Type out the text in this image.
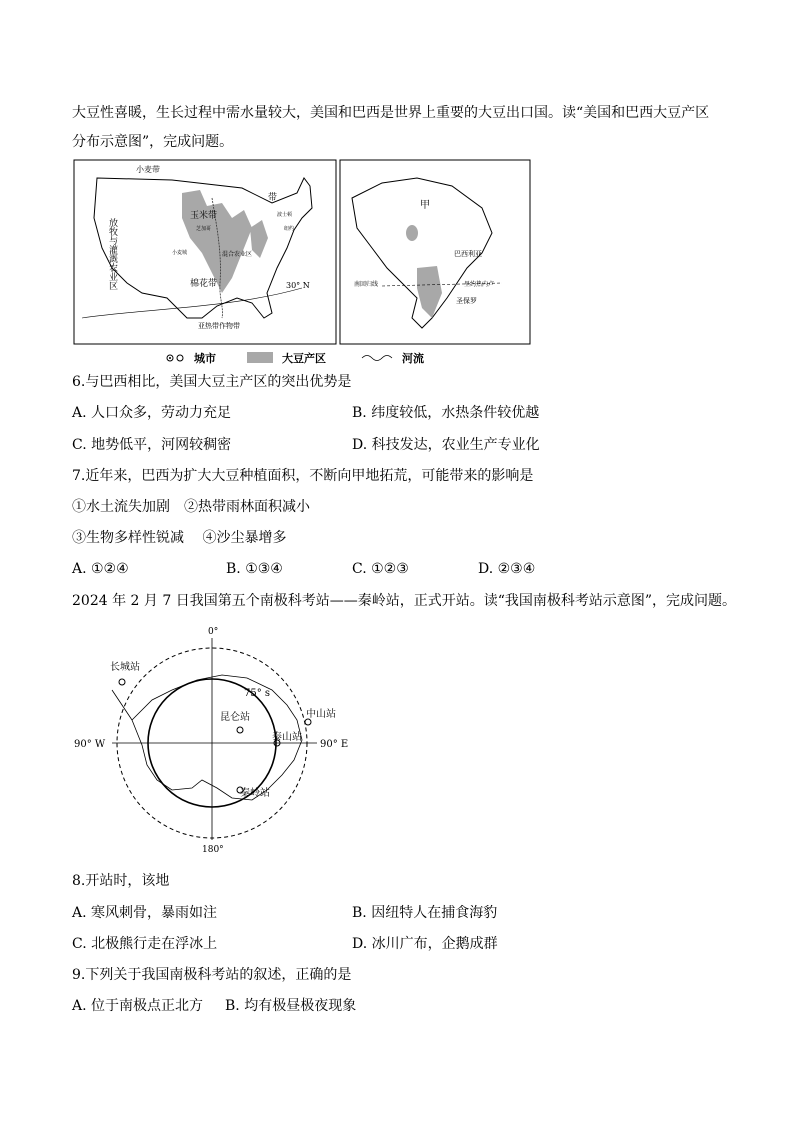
大豆性喜暖，生长过程中需水量较大，美国和巴西是世界上重要的大豆出口国。读“美国和巴西大豆产区
分布示意图”，完成问题。
小麦带
放牧与灌溉农业区
玉米带
带
混合农业区
棉花带
亚热带作物带
30° N
芝加哥
波士顿
纽约
小麦城
甲
巴西利亚
南回归线	里约热内卢
圣保罗
城市	大豆产区	河流
6.与巴西相比，美国大豆主产区的突出优势是
A. 人口众多，劳动力充足	B. 纬度较低，水热条件较优越
C. 地势低平，河网较稠密	D. 科技发达，农业生产专业化
7.近年来，巴西为扩大大豆种植面积，不断向甲地拓荒，可能带来的影响是
①水土流失加剧　②热带雨林面积减小
③生物多样性锐减　 ④沙尘暴增多
A. ①②④	B. ①③④	C. ①②③	D. ②③④
2024 年 2 月 7 日我国第五个南极科考站——秦岭站，正式开站。读“我国南极科考站示意图”，完成问题。
0°
180°
90° W	90° E
75° s
长城站
昆仑站	中山站
泰山站
秦岭站
8.开站时，该地
A. 寒风刺骨，暴雨如注	B. 因纽特人在捕食海豹
C. 北极熊行走在浮冰上	D. 冰川广布，企鹅成群
9.下列关于我国南极科考站的叙述，正确的是
A. 位于南极点正北方 B. 均有极昼极夜现象
